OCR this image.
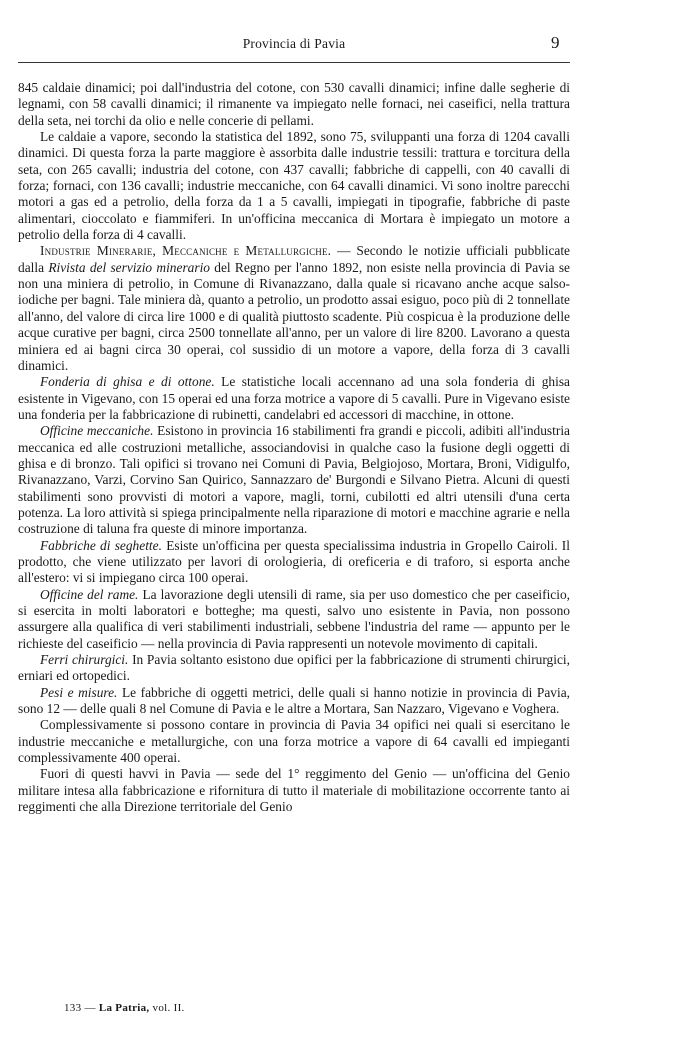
Provincia di Pavia	9

845 caldaie dinamici; poi dall'industria del cotone, con 530 cavalli dinamici; infine dalle segherie di legnami, con 58 cavalli dinamici; il rimanente va impiegato nelle fornaci, nei caseifici, nella trattura della seta, nei torchi da olio e nelle concerie di pellami.

Le caldaie a vapore, secondo la statistica del 1892, sono 75, sviluppanti una forza di 1204 cavalli dinamici. Di questa forza la parte maggiore è assorbita dalle industrie tessili: trattura e torcitura della seta, con 265 cavalli; industria del cotone, con 437 cavalli; fabbriche di cappelli, con 40 cavalli di forza; fornaci, con 136 cavalli; industrie meccaniche, con 64 cavalli dinamici. Vi sono inoltre parecchi motori a gas ed a petrolio, della forza da 1 a 5 cavalli, impiegati in tipografie, fabbriche di paste alimentari, cioccolato e fiammiferi. In un'officina meccanica di Mortara è impiegato un motore a petrolio della forza di 4 cavalli.

Industrie Minerarie, Meccaniche e Metallurgiche. — Secondo le notizie ufficiali pubblicate dalla Rivista del servizio minerario del Regno per l'anno 1892, non esiste nella provincia di Pavia se non una miniera di petrolio, in Comune di Rivanazzano, dalla quale si ricavano anche acque salso-iodiche per bagni. Tale miniera dà, quanto a petrolio, un prodotto assai esiguo, poco più di 2 tonnellate all'anno, del valore di circa lire 1000 e di qualità piuttosto scadente. Più cospicua è la produzione delle acque curative per bagni, circa 2500 tonnellate all'anno, per un valore di lire 8200. Lavorano a questa miniera ed ai bagni circa 30 operai, col sussidio di un motore a vapore, della forza di 3 cavalli dinamici.

Fonderia di ghisa e di ottone. Le statistiche locali accennano ad una sola fonderia di ghisa esistente in Vigevano, con 15 operai ed una forza motrice a vapore di 5 cavalli. Pure in Vigevano esiste una fonderia per la fabbricazione di rubinetti, candelabri ed accessori di macchine, in ottone.

Officine meccaniche. Esistono in provincia 16 stabilimenti fra grandi e piccoli, adibiti all'industria meccanica ed alle costruzioni metalliche, associandovisi in qualche caso la fusione degli oggetti di ghisa e di bronzo. Tali opifici si trovano nei Comuni di Pavia, Belgiojoso, Mortara, Broni, Vidigulfo, Rivanazzano, Varzi, Corvino San Quirico, Sannazzaro de' Burgondi e Silvano Pietra. Alcuni di questi stabilimenti sono provvisti di motori a vapore, magli, torni, cubilotti ed altri utensili d'una certa potenza. La loro attività si spiega principalmente nella riparazione di motori e macchine agrarie e nella costruzione di taluna fra queste di minore importanza.

Fabbriche di seghette. Esiste un'officina per questa specialissima industria in Gropello Cairoli. Il prodotto, che viene utilizzato per lavori di orologieria, di oreficeria e di traforo, si esporta anche all'estero: vi si impiegano circa 100 operai.

Officine del rame. La lavorazione degli utensili di rame, sia per uso domestico che per caseificio, si esercita in molti laboratori e botteghe; ma questi, salvo uno esistente in Pavia, non possono assurgere alla qualifica di veri stabilimenti industriali, sebbene l'industria del rame — appunto per le richieste del caseificio — nella provincia di Pavia rappresenti un notevole movimento di capitali.

Ferri chirurgici. In Pavia soltanto esistono due opifici per la fabbricazione di strumenti chirurgici, erniari ed ortopedici.

Pesi e misure. Le fabbriche di oggetti metrici, delle quali si hanno notizie in provincia di Pavia, sono 12 — delle quali 8 nel Comune di Pavia e le altre a Mortara, San Nazzaro, Vigevano e Voghera.

Complessivamente si possono contare in provincia di Pavia 34 opifici nei quali si esercitano le industrie meccaniche e metallurgiche, con una forza motrice a vapore di 64 cavalli ed impieganti complessivamente 400 operai.

Fuori di questi havvi in Pavia — sede del 1° reggimento del Genio — un'officina del Genio militare intesa alla fabbricazione e rifornitura di tutto il materiale di mobilitazione occorrente tanto ai reggimenti che alla Direzione territoriale del Genio

133 — La Patria, vol. II.
